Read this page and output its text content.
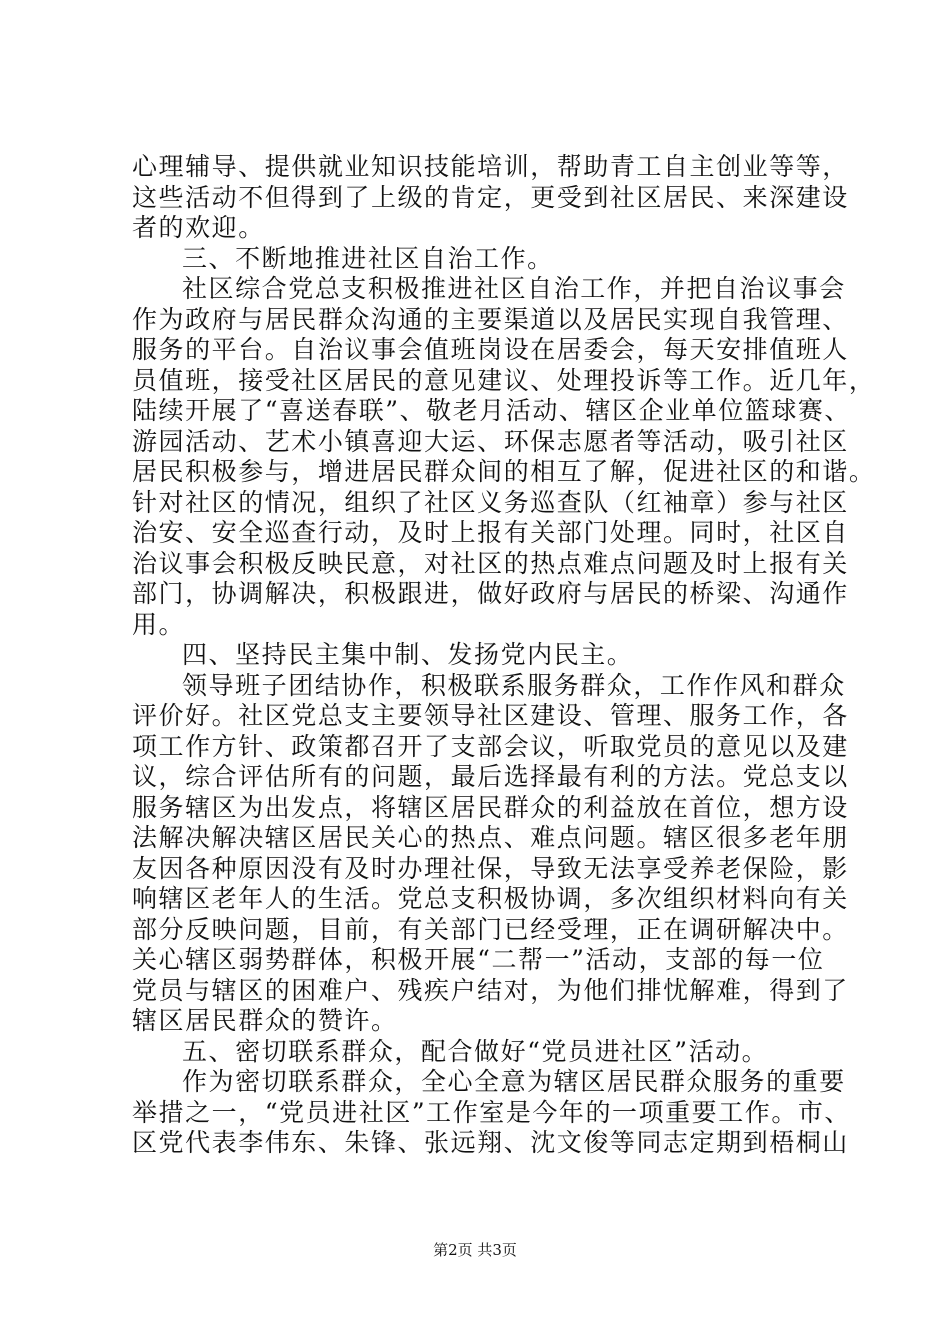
心理辅导、提供就业知识技能培训，帮助青工自主创业等等，
这些活动不但得到了上级的肯定，更受到社区居民、来深建设
者的欢迎。
三、不断地推进社区自治工作。
社区综合党总支积极推进社区自治工作，并把自治议事会
作为政府与居民群众沟通的主要渠道以及居民实现自我管理、
服务的平台。自治议事会值班岗设在居委会，每天安排值班人
员值班，接受社区居民的意见建议、处理投诉等工作。近几年，
陆续开展了“喜送春联”、敬老月活动、辖区企业单位篮球赛、
游园活动、艺术小镇喜迎大运、环保志愿者等活动，吸引社区
居民积极参与，增进居民群众间的相互了解，促进社区的和谐。
针对社区的情况，组织了社区义务巡查队（红袖章）参与社区
治安、安全巡查行动，及时上报有关部门处理。同时，社区自
治议事会积极反映民意，对社区的热点难点问题及时上报有关
部门，协调解决，积极跟进，做好政府与居民的桥梁、沟通作
用。
四、坚持民主集中制、发扬党内民主。
领导班子团结协作，积极联系服务群众，工作作风和群众
评价好。社区党总支主要领导社区建设、管理、服务工作，各
项工作方针、政策都召开了支部会议，听取党员的意见以及建
议，综合评估所有的问题，最后选择最有利的方法。党总支以
服务辖区为出发点，将辖区居民群众的利益放在首位，想方设
法解决解决辖区居民关心的热点、难点问题。辖区很多老年朋
友因各种原因没有及时办理社保，导致无法享受养老保险，影
响辖区老年人的生活。党总支积极协调，多次组织材料向有关
部分反映问题，目前，有关部门已经受理，正在调研解决中。
关心辖区弱势群体，积极开展“二帮一”活动，支部的每一位
党员与辖区的困难户、残疾户结对，为他们排忧解难，得到了
辖区居民群众的赞许。
五、密切联系群众，配合做好“党员进社区”活动。
作为密切联系群众，全心全意为辖区居民群众服务的重要
举措之一，“党员进社区”工作室是今年的一项重要工作。市、
区党代表李伟东、朱锋、张远翔、沈文俊等同志定期到梧桐山
第2页 共3页
